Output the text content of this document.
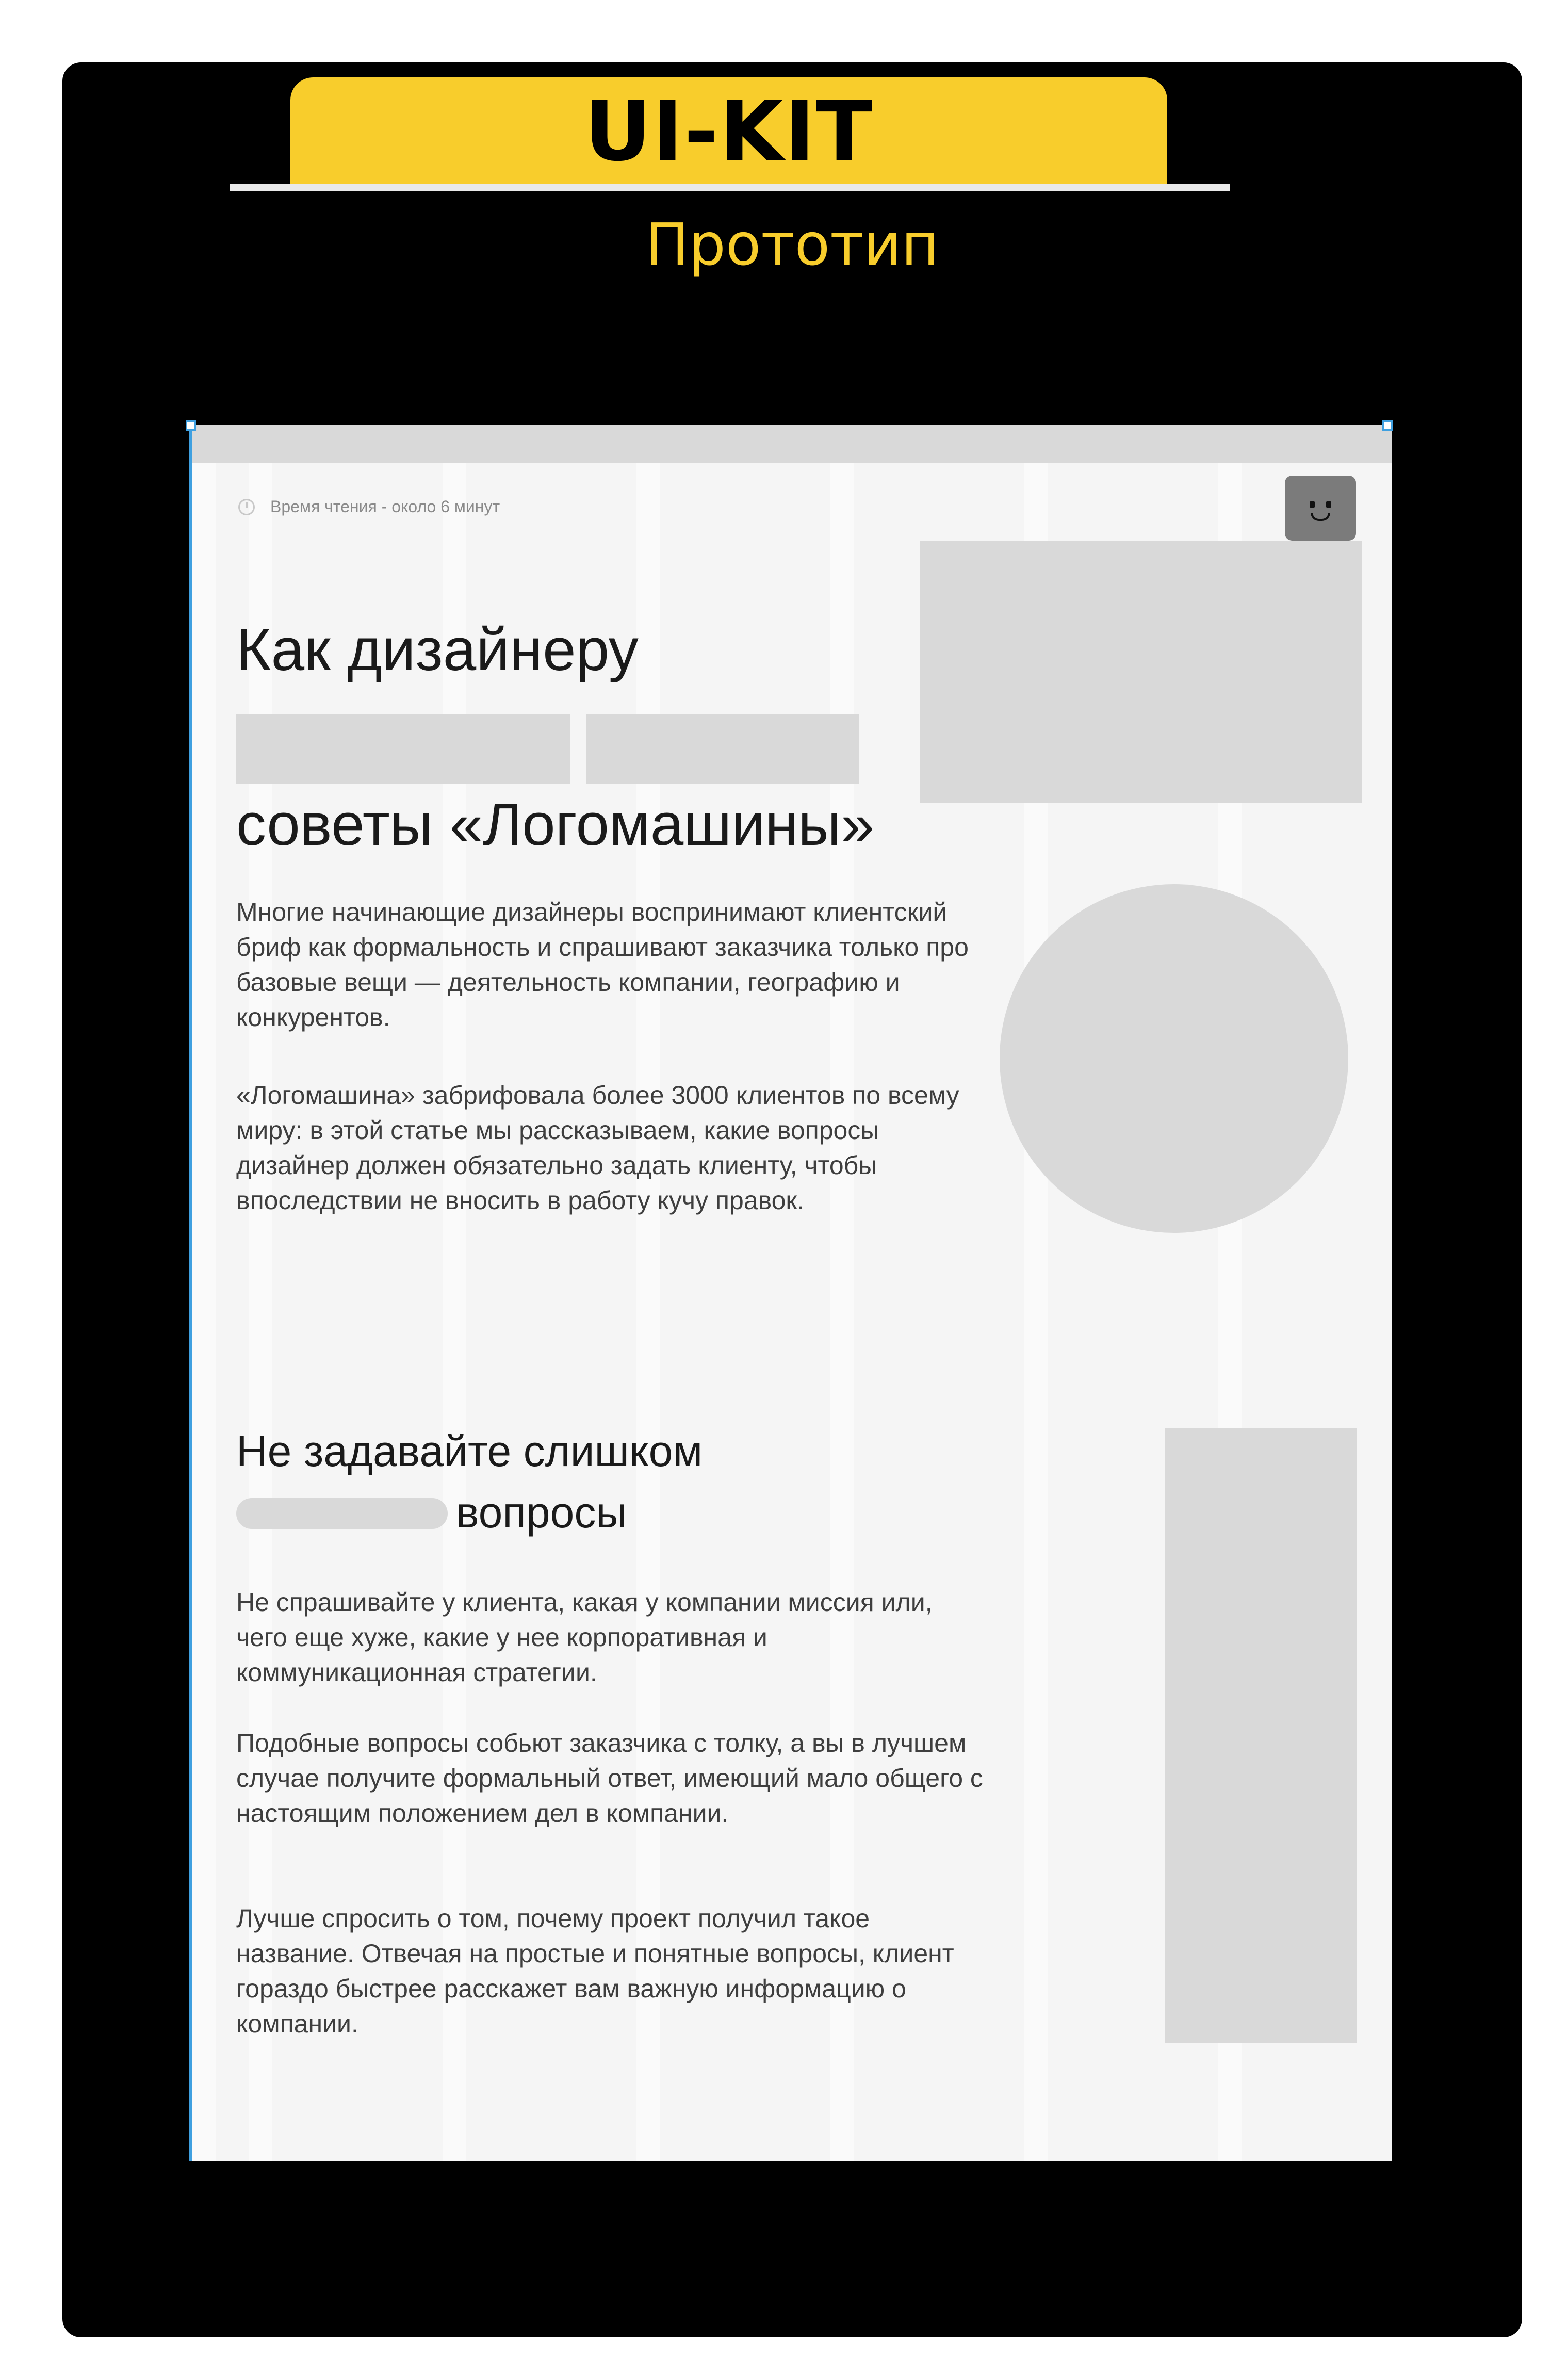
UI-KIT
Прототип
Время чтения - около 6 минут
Как дизайнеру
советы «Логомашины»
Многие начинающие дизайнеры воспринимают клиентский бриф как формальность и спрашивают заказчика только про базовые вещи — деятельность компании, географию и конкурентов.
«Логомашина» забрифовала более 3000 клиентов по всему миру: в этой статье мы рассказываем, какие вопросы дизайнер должен обязательно задать клиенту, чтобы впоследствии не вносить в работу кучу правок.
Не задавайте слишком
вопросы
Не спрашивайте у клиента, какая у компании миссия или, чего еще хуже, какие у нее корпоративная и коммуникационная стратегии.
Подобные вопросы собьют заказчика с толку, а вы в лучшем случае получите формальный ответ, имеющий мало общего с настоящим положением дел в компании.
Лучше спросить о том, почему проект получил такое название. Отвечая на простые и понятные вопросы, клиент гораздо быстрее расскажет вам важную информацию о компании.
